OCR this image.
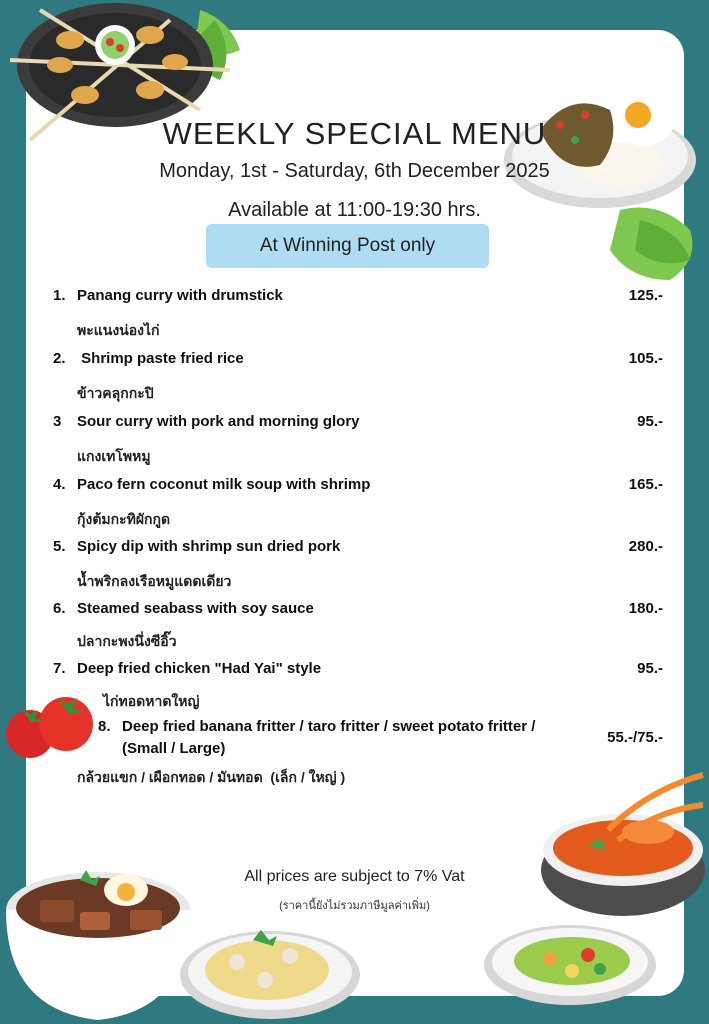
WEEKLY SPECIAL MENU
Monday, 1st - Saturday, 6th December 2025
Available at 11:00-19:30 hrs.
At Winning Post only
1. Panang curry with drumstick	125.-
พะแนงน่องไก่
2. Shrimp paste fried rice	105.-
ข้าวคลุกกะปิ
3 Sour curry with pork and morning glory	95.-
แกงเทโพหมู
4. Paco fern coconut milk soup with shrimp	165.-
กุ้งต้มกะทิผักกูด
5. Spicy dip with shrimp sun dried pork	280.-
น้ำพริกลงเรือหมูแดดเดียว
6. Steamed seabass with soy sauce	180.-
ปลากะพงนึ่งซีอิ๊ว
7. Deep fried chicken "Had Yai" style	95.-
ไก่ทอดหาดใหญ่
8. Deep fried banana fritter / taro fritter / sweet potato fritter /
(Small / Large)
55.-/75.-
กล้วยแขก / เผือกทอด / มันทอด  (เล็ก / ใหญ่ )
All prices are subject to 7% Vat
(ราคานี้ยังไม่รวมภาษีมูลค่าเพิ่ม)
